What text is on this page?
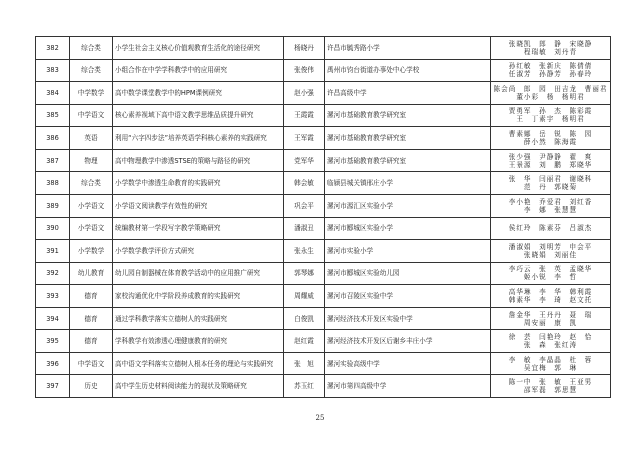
382	综合类	小学生社会主义核心价值观教育生活化的途径研究	杨晓丹	许昌市毓秀路小学	张晓凯　郎　静　宋晓静
程瑞敏　刘丹青

383	综合类	小组合作在中学学科教学中的应用研究	张俊伟	禹州市钧台街道办事处中心学校	孙红敏　张新庆　陈倩倩
任淑芳　孙静芳　孙春玲

384	中学数学	高中数学课堂教学中的HPM课例研究	赵小强	许昌高级中学	陈会尚　郎　园　田吉龙　曹丽君
董小彩　杨　杨明君

385	中学语文	核心素养视域下高中语文教学思维品质提升研究	王霞霞	漯河市基础教育教学研究室	贾勇军　孙　杰　陈彩霞
王　丁素宇　杨明君

386	英语	利用“六字四步法”培养英语学科核心素养的实践研究	王军霞	漯河市基础教育教学研究室	曹素娜　岳　锐　陈　园
薛小然　陈海霞

387	物理	高中物理教学中渗透STSE的策略与路径的研究	党军华	漯河市基础教育教学研究室	张少强　尹静静　翟　爽
王景源　刘　鹏　郑晓华

388	综合类	小学数学中渗透生命教育的实践研究	韩会敏	临颍县城关镇邢庄小学	张　华　闫丽君　谢晓科
范　丹　郭晓菊

389	小学语文	小学语文阅读教学有效性的研究	巩会平	漯河市源汇区实验小学	李小艳　乔爱君　刘红香
李　娜　张慧慧

390	小学语文	统编教材第一学段写字教学策略研究	潘淑丑	漯河市郾城区实验小学	侯红玲　陈素芬　吕淑杰

391	小学数学	小学数学教学评价方式研究	张永生	漯河市实验小学	潘淑娟　刘明芳　申会平
张晓娟　刘丽佳

392	幼儿教育	幼儿园自制器械在体育教学活动中的应用推广研究	郭琴娜	漯河市郾城区实验幼儿园	李巧云　张　英　孟晓华
姬小锐　李　哲

393	德育	家校沟通优化中学阶段养成教育的实践研究	周耀威	漯河市召陵区实验中学	高华琳　李　华　韩利霞
韩素华　李　琦　赵文托

394	德育	通过学科教学落实立德树人的实践研究	白俊凯	漯河经济技术开发区实验中学	詹金华　王丹丹　聂　瑞
周安丽　康　凯

395	德育	学科教学有效渗透心理健康教育的研究	赵红霞	漯河经济技术开发区后谢乡丰庄小学	徐　芸　闫艳玲　赵　恰
张　森　张红涛

396	中学语文	高中语文学科落实立德树人根本任务的理论与实践研究	张　旭	漯河实验高级中学	李　敏　李晶晶　杜　蓉
吴宜梅　郭　琳

397	历史	高中学生历史材料阅读能力的现状及策略研究	苏玉红	漯河市第四高级中学	陈一中　张　敏　王亚男
邵军磊　郭思慧
25
